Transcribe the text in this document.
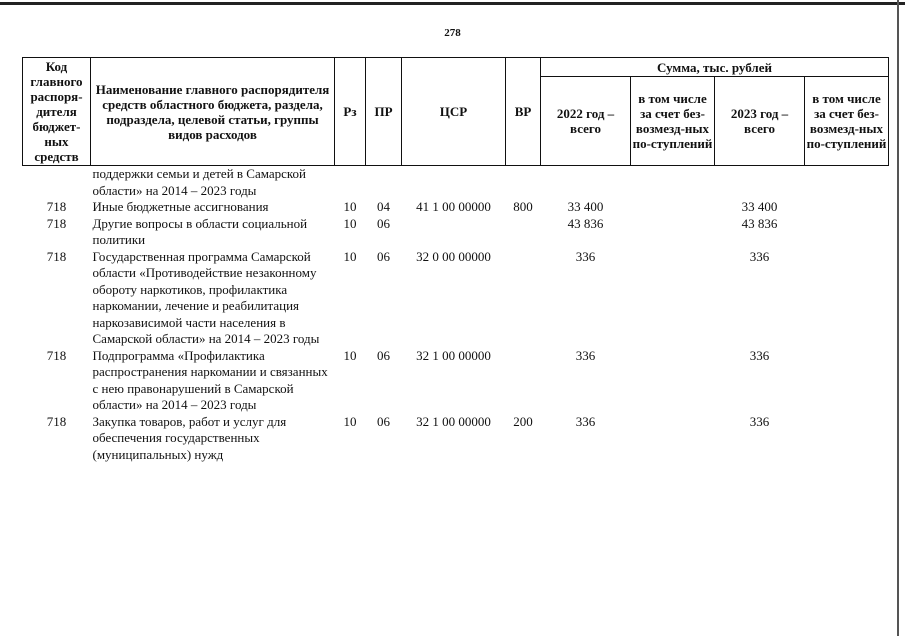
278
Код главного распоря-дителя бюджет-ных средств	Наименование главного распорядителя средств областного бюджета, раздела, подраздела, целевой статьи, группы видов расходов	Рз	ПР	ЦСР	ВР	Сумма, тыс. рублей			
						2022 год – всего	в том числе за счет без-возмезд-ных по-ступлений	2023 год – всего	в том числе за счет без-возмезд-ных по-ступлений
	поддержки семьи и детей в Самарской области» на 2014 – 2023 годы								
718	Иные бюджетные ассигнования	10	04	41 1 00 00000	800	33 400		33 400	
718	Другие вопросы в области социальной политики	10	06			43 836		43 836	
718	Государственная программа Самарской области «Противодействие незаконному обороту наркотиков, профилактика наркомании, лечение и реабилитация наркозависимой части населения в Самарской области» на 2014 – 2023 годы	10	06	32 0 00 00000		336		336	
718	Подпрограмма «Профилактика распространения наркомании и связанных с нею правонарушений в Самарской области» на 2014 – 2023 годы	10	06	32 1 00 00000		336		336	
718	Закупка товаров, работ и услуг для обеспечения государственных (муниципальных) нужд	10	06	32 1 00 00000	200	336		336	
